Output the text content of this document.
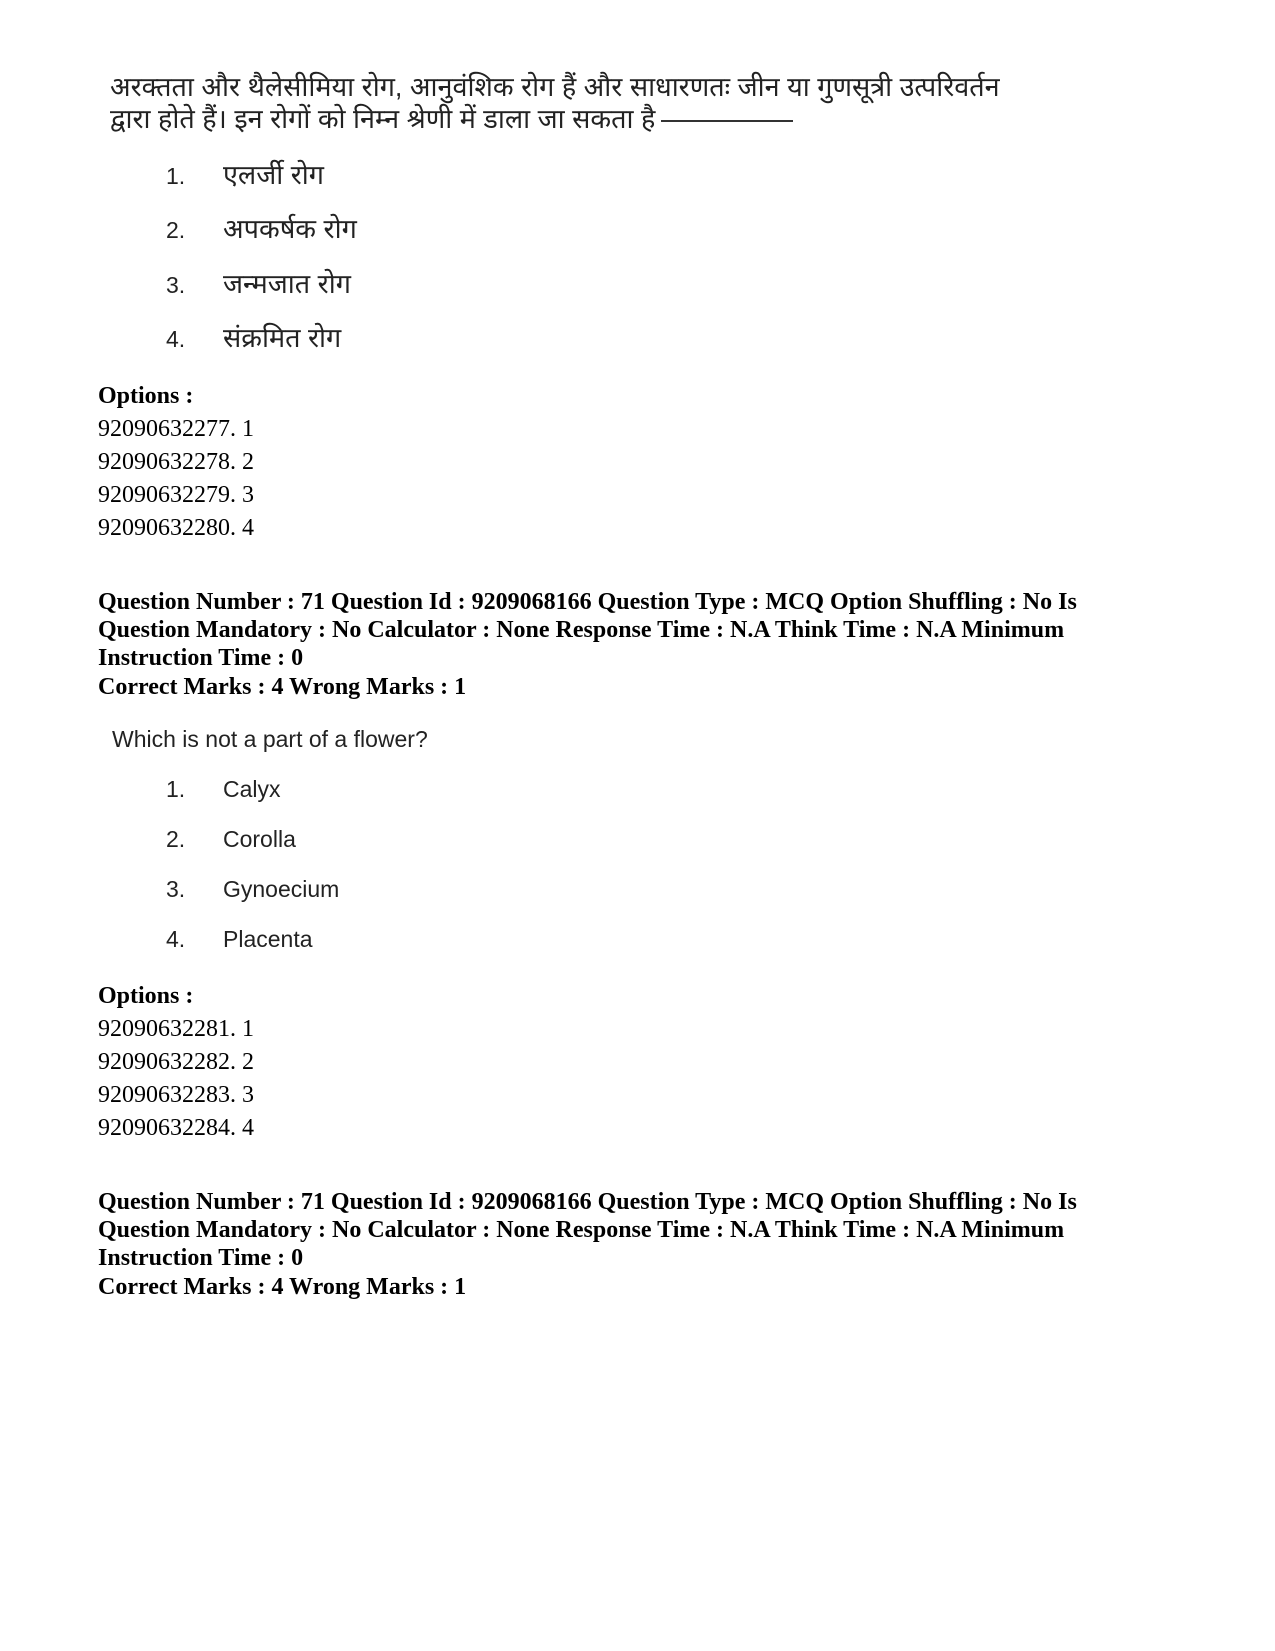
अरक्तता और थैलेसीमिया रोग, आनुवंशिक रोग हैं और साधारणतः जीन या गुणसूत्री उत्परिवर्तन
द्वारा होते हैं। इन रोगों को निम्न श्रेणी में डाला जा सकता है
1.	एलर्जी रोग
2.	अपकर्षक रोग
3.	जन्मजात रोग
4.	संक्रमित रोग
Options :
92090632277. 1
92090632278. 2
92090632279. 3
92090632280. 4
Question Number : 71 Question Id : 9209068166 Question Type : MCQ Option Shuffling : No Is
Question Mandatory : No Calculator : None Response Time : N.A Think Time : N.A Minimum
Instruction Time : 0
Correct Marks : 4 Wrong Marks : 1
Which is not a part of a flower?
1.	Calyx
2.	Corolla
3.	Gynoecium
4.	Placenta
Options :
92090632281. 1
92090632282. 2
92090632283. 3
92090632284. 4
Question Number : 71 Question Id : 9209068166 Question Type : MCQ Option Shuffling : No Is
Question Mandatory : No Calculator : None Response Time : N.A Think Time : N.A Minimum
Instruction Time : 0
Correct Marks : 4 Wrong Marks : 1
